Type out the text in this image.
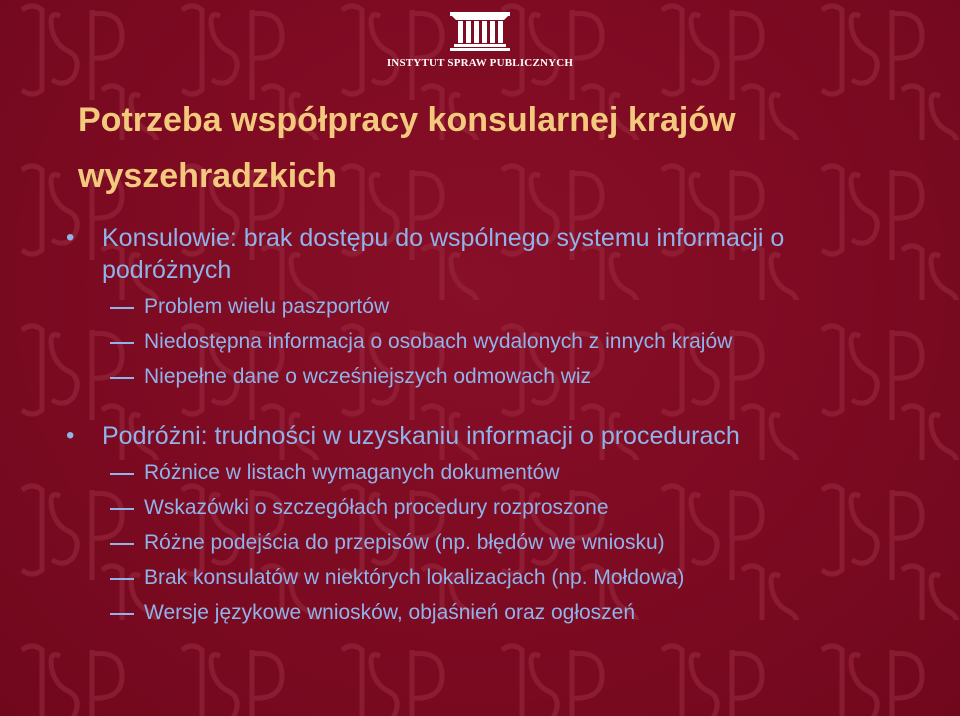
INSTYTUT SPRAW PUBLICZNYCH
Potrzeba współpracy konsularnej krajów wyszehradzkich
• Konsulowie: brak dostępu do wspólnego systemu informacji o podróżnych
Problem wielu paszportów
Niedostępna informacja o osobach wydalonych z innych krajów
Niepełne dane o wcześniejszych odmowach wiz
• Podróżni: trudności w uzyskaniu informacji o procedurach
Różnice w listach wymaganych dokumentów
Wskazówki o szczegółach procedury rozproszone
Różne podejścia do przepisów (np. błędów we wniosku)
Brak konsulatów w niektórych lokalizacjach (np. Mołdowa)
Wersje językowe wniosków, objaśnień oraz ogłoszeń
